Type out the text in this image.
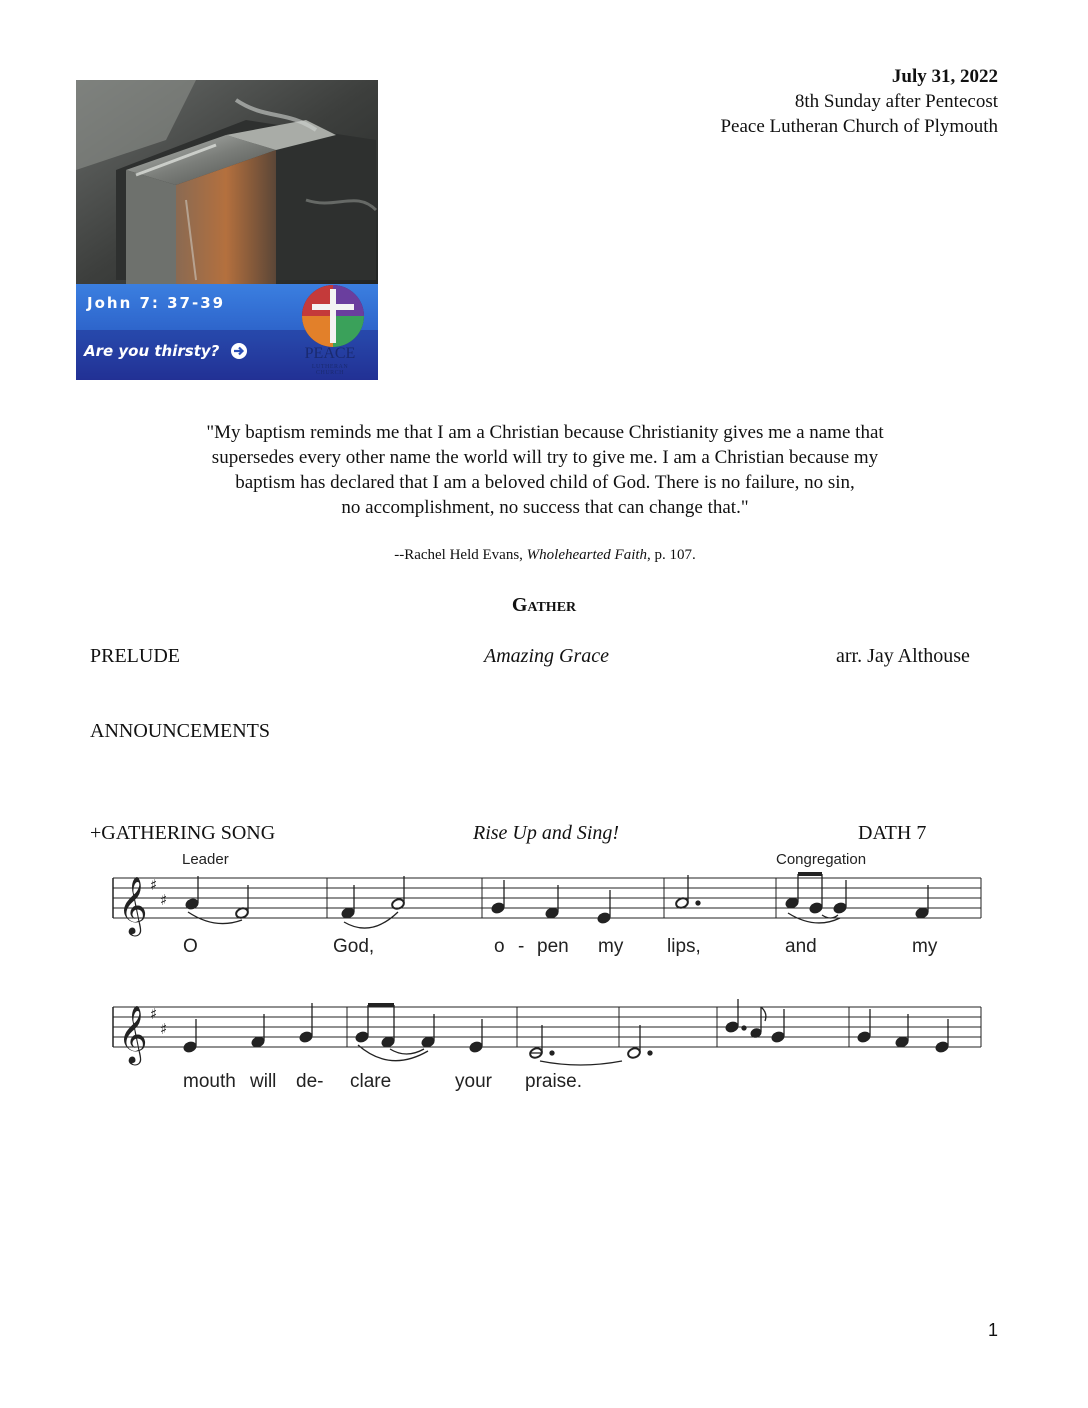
John 7: 37-39
Are you thirsty?	PEACE
LUTHERAN CHURCH
July 31, 2022
8th Sunday after Pentecost
Peace Lutheran Church of Plymouth
"My baptism reminds me that I am a Christian because Christianity gives me a name that
supersedes every other name the world will try to give me. I am a Christian because my
baptism has declared that I am a beloved child of God. There is no failure, no sin,
no accomplishment, no success that can change that."
--Rachel Held Evans, Wholehearted Faith, p. 107.
Gather
PRELUDE	Amazing Grace	arr. Jay Althouse
ANNOUNCEMENTS
+GATHERING SONG	Rise Up and Sing!	DATH 7
Leader	Congregation
𝄞 ♯
♯
O	God,	o - pen my lips,	and	my
𝄞 ♯
♯
mouth will de- clare	your praise.
1
